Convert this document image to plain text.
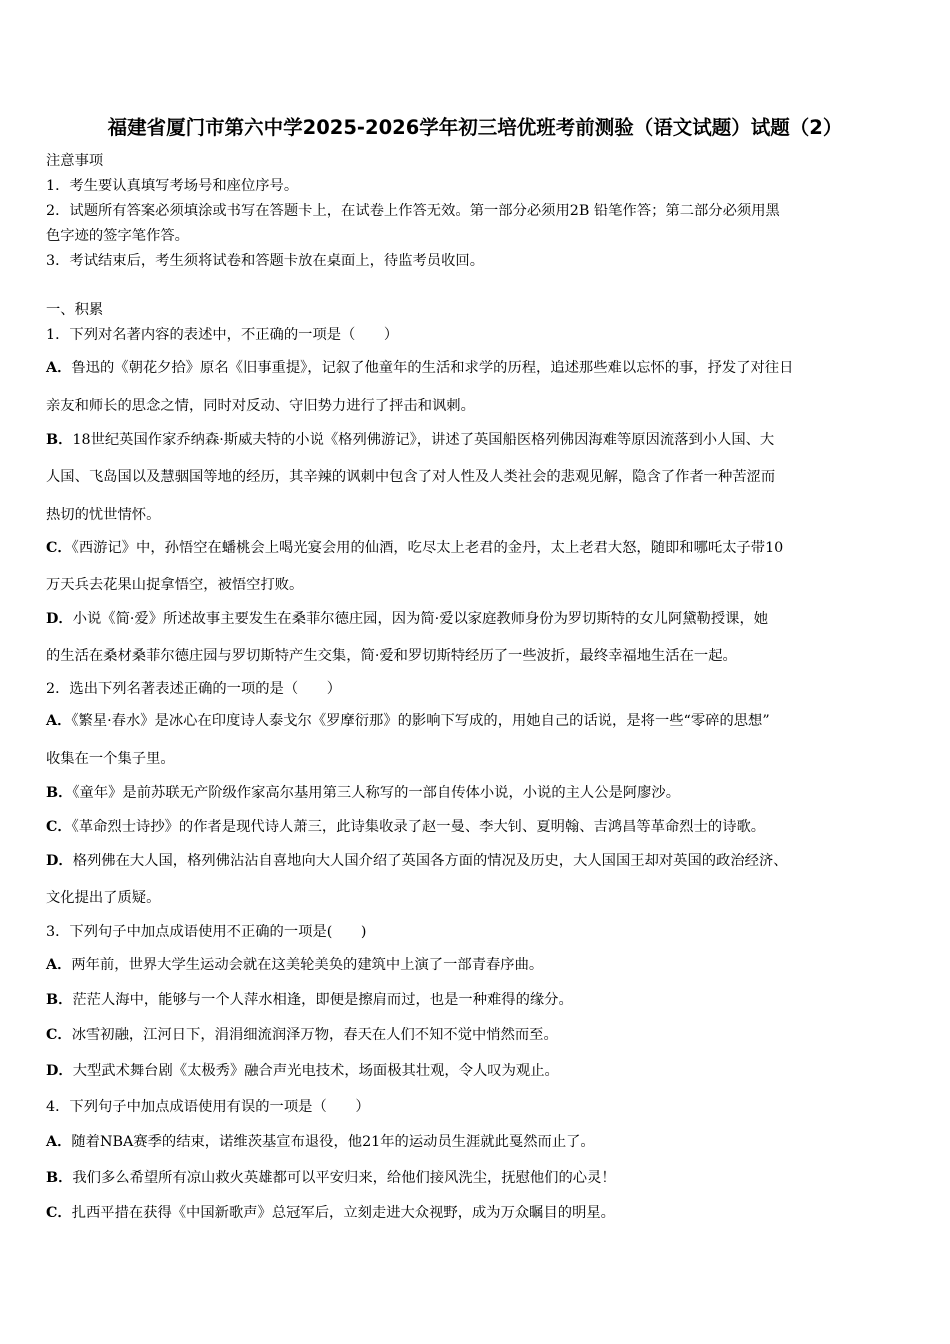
福建省厦门市第六中学2025-2026学年初三培优班考前测验（语文试题）试题（2）
注意事项
1．考生要认真填写考场号和座位序号。
2．试题所有答案必须填涂或书写在答题卡上，在试卷上作答无效。第一部分必须用2B 铅笔作答；第二部分必须用黑
色字迹的签字笔作答。
3．考试结束后，考生须将试卷和答题卡放在桌面上，待监考员收回。
一、积累
1．下列对名著内容的表述中，不正确的一项是（　　）
A．鲁迅的《朝花夕拾》原名《旧事重提》，记叙了他童年的生活和求学的历程，追述那些难以忘怀的事，抒发了对往日
亲友和师长的思念之情，同时对反动、守旧势力进行了抨击和讽刺。
B．18世纪英国作家乔纳森·斯威夫特的小说《格列佛游记》，讲述了英国船医格列佛因海难等原因流落到小人国、大
人国、飞岛国以及慧骃国等地的经历，其辛辣的讽刺中包含了对人性及人类社会的悲观见解，隐含了作者一种苦涩而
热切的忧世情怀。
C．《西游记》中，孙悟空在蟠桃会上喝光宴会用的仙酒，吃尽太上老君的金丹，太上老君大怒，随即和哪吒太子带10
万天兵去花果山捉拿悟空，被悟空打败。
D．小说《简·爱》所述故事主要发生在桑菲尔德庄园，因为简·爱以家庭教师身份为罗切斯特的女儿阿黛勒授课，她
的生活在桑材桑菲尔德庄园与罗切斯特产生交集，简·爱和罗切斯特经历了一些波折，最终幸福地生活在一起。
2．选出下列名著表述正确的一项的是（　　）
A．《繁星·春水》是冰心在印度诗人泰戈尔《罗摩衍那》的影响下写成的，用她自己的话说，是将一些“零碎的思想”
收集在一个集子里。
B．《童年》是前苏联无产阶级作家高尔基用第三人称写的一部自传体小说，小说的主人公是阿廖沙。
C．《革命烈士诗抄》的作者是现代诗人萧三，此诗集收录了赵一曼、李大钊、夏明翰、吉鸿昌等革命烈士的诗歌。
D．格列佛在大人国，格列佛沾沾自喜地向大人国介绍了英国各方面的情况及历史，大人国国王却对英国的政治经济、
文化提出了质疑。
3．下列句子中加点成语使用不正确的一项是(　　)
A．两年前，世界大学生运动会就在这美轮美奂的建筑中上演了一部青春序曲。
B．茫茫人海中，能够与一个人萍水相逢，即便是擦肩而过，也是一种难得的缘分。
C．冰雪初融，江河日下，涓涓细流润泽万物，春天在人们不知不觉中悄然而至。
D．大型武术舞台剧《太极秀》融合声光电技术，场面极其壮观，令人叹为观止。
4．下列句子中加点成语使用有误的一项是（　　）
A．随着NBA赛季的结束，诺维茨基宣布退役，他21年的运动员生涯就此戛然而止了。
B．我们多么希望所有凉山救火英雄都可以平安归来，给他们接风洗尘，抚慰他们的心灵！
C．扎西平措在获得《中国新歌声》总冠军后，立刻走进大众视野，成为万众瞩目的明星。
